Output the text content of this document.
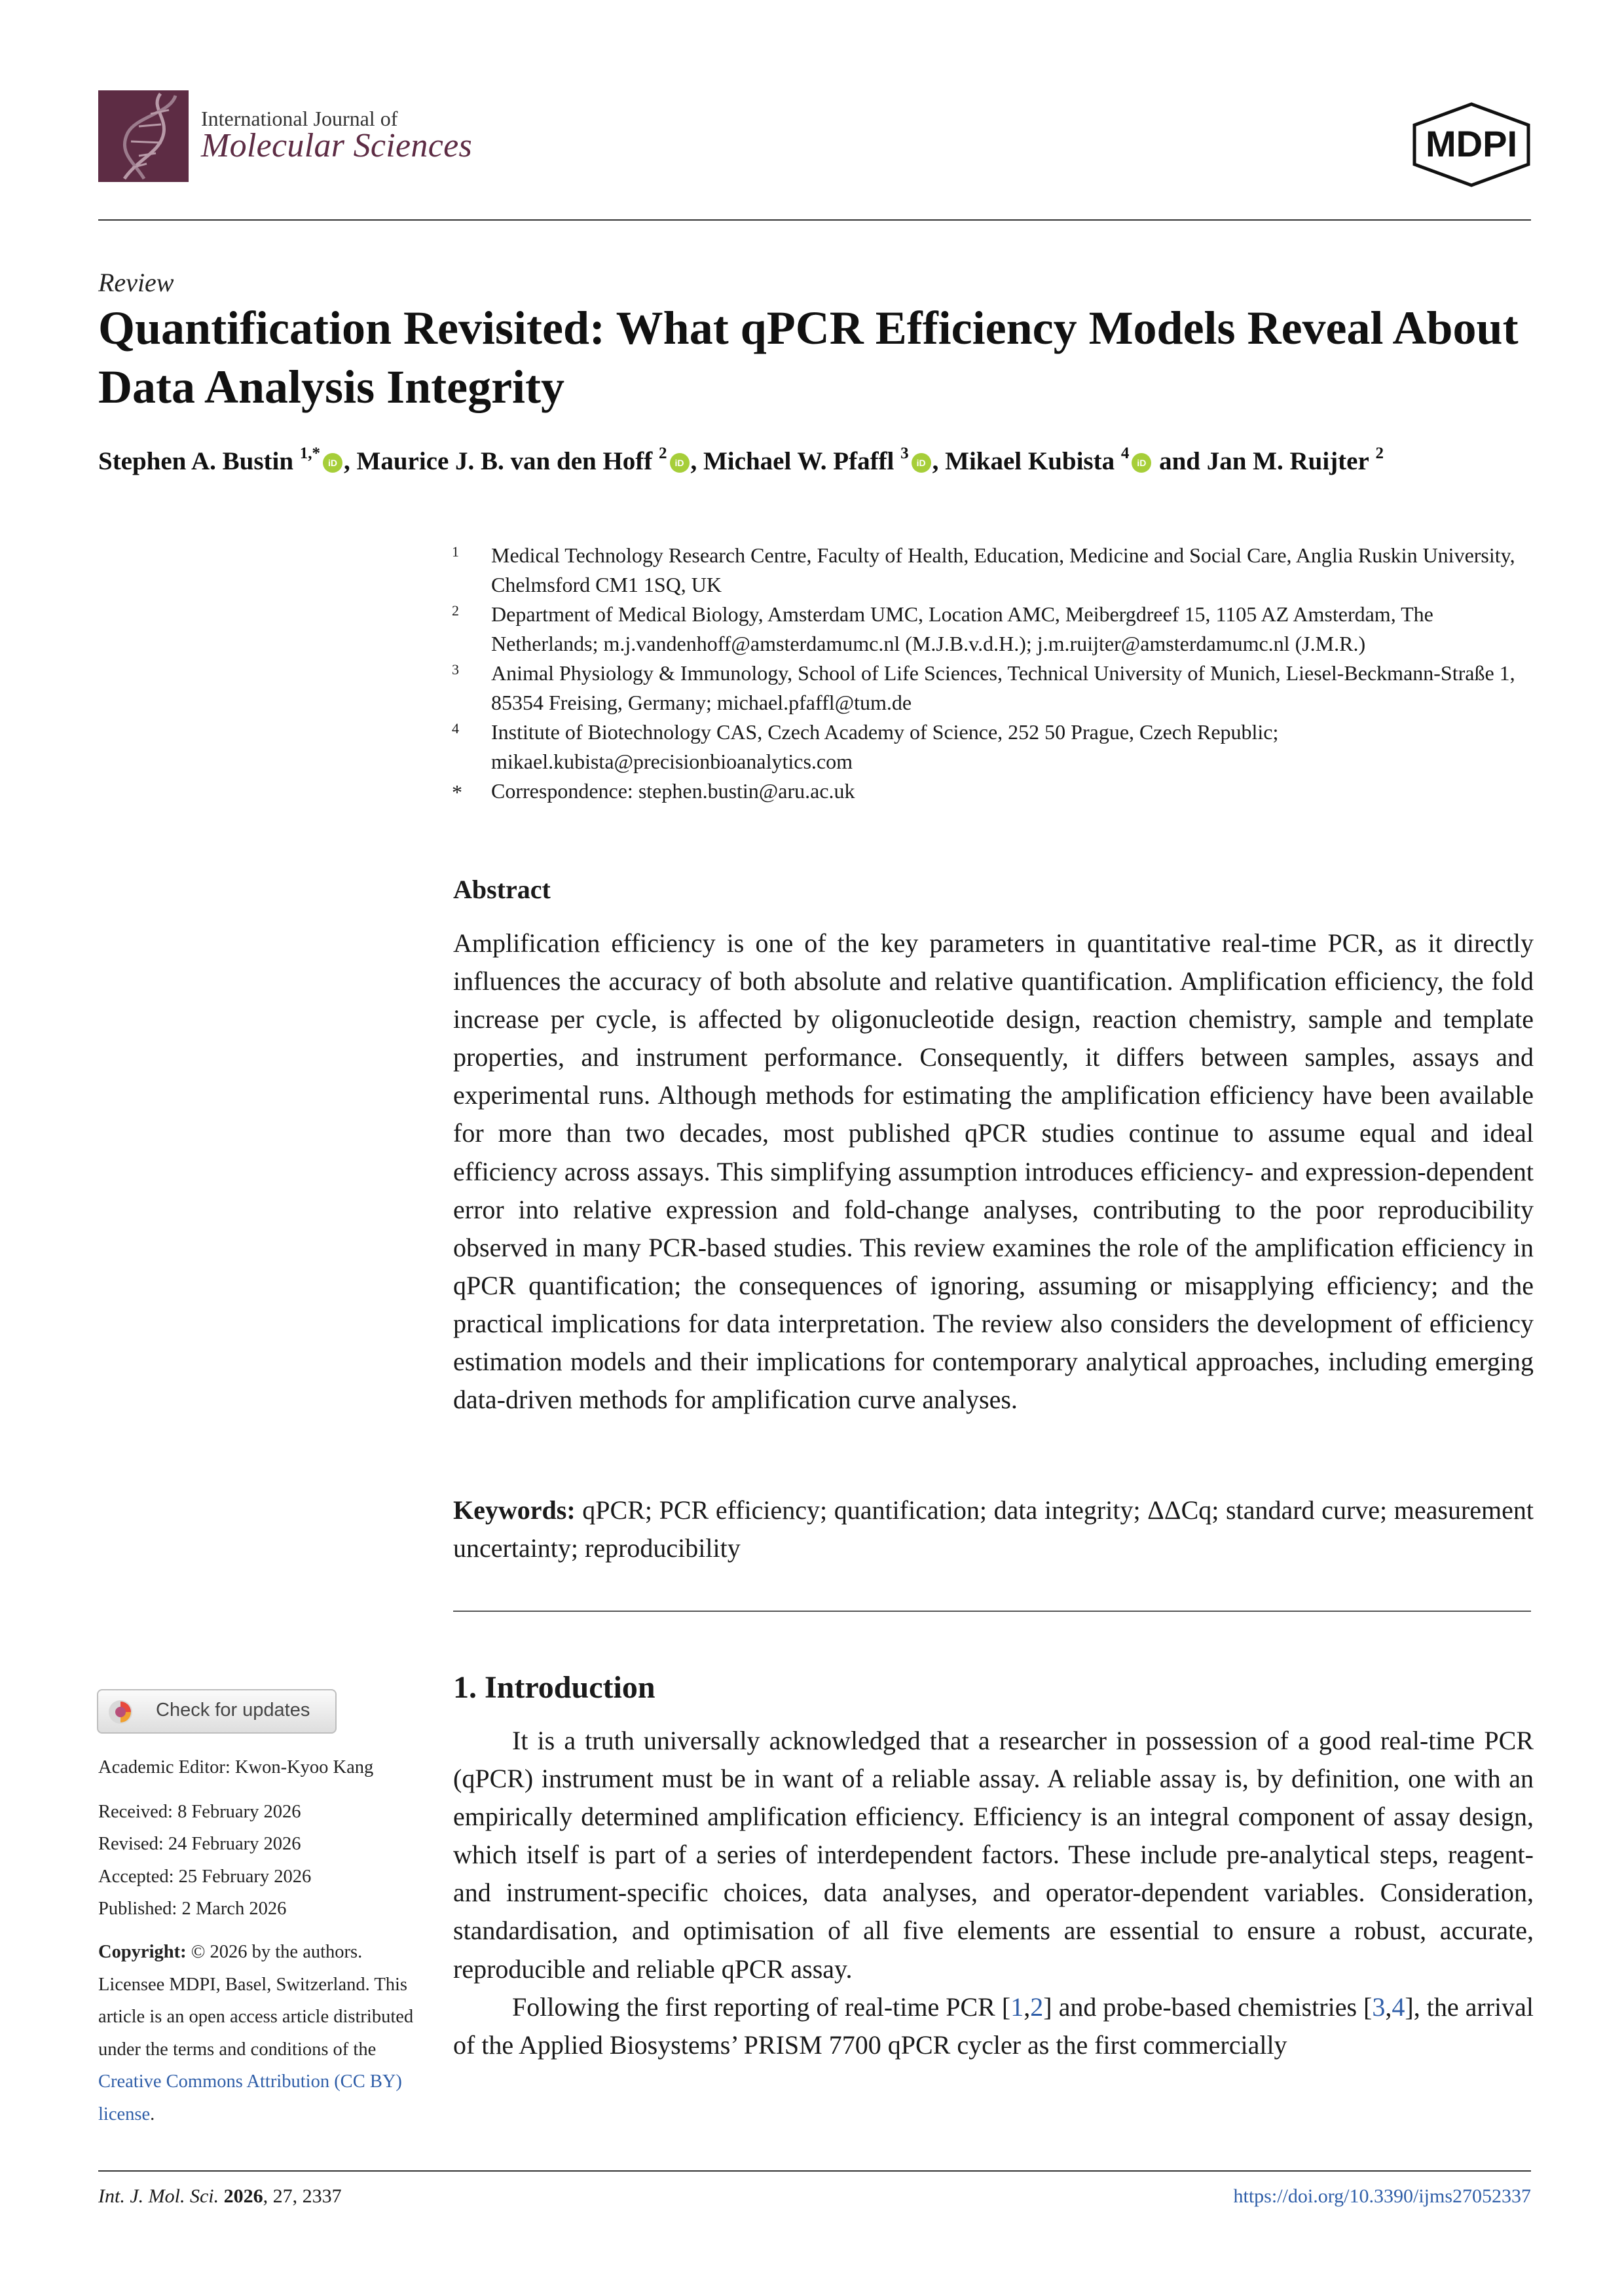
International Journal of
Molecular Sciences	MDPI
Review
Quantification Revisited: What qPCR Efficiency Models Reveal About Data Analysis Integrity
Stephen A. Bustin $^{1,*}$iD , Maurice J. B. van den Hoff $^2$iD , Michael W. Pfaffl $^3$iD , Mikael Kubista $^4$iD and Jan M. Ruijter $^2$
1 Medical Technology Research Centre, Faculty of Health, Education, Medicine and Social Care, Anglia Ruskin University, Chelmsford CM1 1SQ, UK
2 Department of Medical Biology, Amsterdam UMC, Location AMC, Meibergdreef 15, 1105 AZ Amsterdam, The Netherlands; m.j.vandenhoff@amsterdamumc.nl (M.J.B.v.d.H.); j.m.ruijter@amsterdamumc.nl (J.M.R.)
3 Animal Physiology & Immunology, School of Life Sciences, Technical University of Munich, Liesel-Beckmann-Straße 1, 85354 Freising, Germany; michael.pfaffl@tum.de
4 Institute of Biotechnology CAS, Czech Academy of Science, 252 50 Prague, Czech Republic; mikael.kubista@precisionbioanalytics.com
* Correspondence: stephen.bustin@aru.ac.uk
Abstract

Amplification efficiency is one of the key parameters in quantitative real-time PCR, as it directly influences the accuracy of both absolute and relative quantification. Amplification efficiency, the fold increase per cycle, is affected by oligonucleotide design, reaction chemistry, sample and template properties, and instrument performance. Consequently, it differs between samples, assays and experimental runs. Although methods for estimating the amplification efficiency have been available for more than two decades, most published qPCR studies continue to assume equal and ideal efficiency across assays. This simplifying assumption introduces efficiency- and expression-dependent error into relative expression and fold-change analyses, contributing to the poor reproducibility observed in many PCR-based studies. This review examines the role of the amplification efficiency in qPCR quantification; the consequences of ignoring, assuming or misapplying efficiency; and the practical implications for data interpretation. The review also considers the development of efficiency estimation models and their implications for contemporary analytical approaches, including emerging data-driven methods for amplification curve analyses.

Keywords: qPCR; PCR efficiency; quantification; data integrity; ΔΔCq; standard curve; measurement uncertainty; reproducibility

Check for updates
Academic Editor: Kwon-Kyoo Kang
Received: 8 February 2026
Revised: 24 February 2026
Accepted: 25 February 2026
Published: 2 March 2026
Copyright: © 2026 by the authors. Licensee MDPI, Basel, Switzerland. This article is an open access article distributed under the terms and conditions of the Creative Commons Attribution (CC BY) license.
1. Introduction

It is a truth universally acknowledged that a researcher in possession of a good real-time PCR (qPCR) instrument must be in want of a reliable assay. A reliable assay is, by definition, one with an empirically determined amplification efficiency. Efficiency is an integral component of assay design, which itself is part of a series of interdependent factors. These include pre-analytical steps, reagent- and instrument-specific choices, data analyses, and operator-dependent variables. Consideration, standardisation, and optimisation of all five elements are essential to ensure a robust, accurate, reproducible and reliable qPCR assay.

Following the first reporting of real-time PCR [1,2] and probe-based chemistries [3,4], the arrival of the Applied Biosystems’ PRISM 7700 qPCR cycler as the first commercially

Int. J. Mol. Sci. 2026, 27, 2337	https://doi.org/10.3390/ijms27052337
